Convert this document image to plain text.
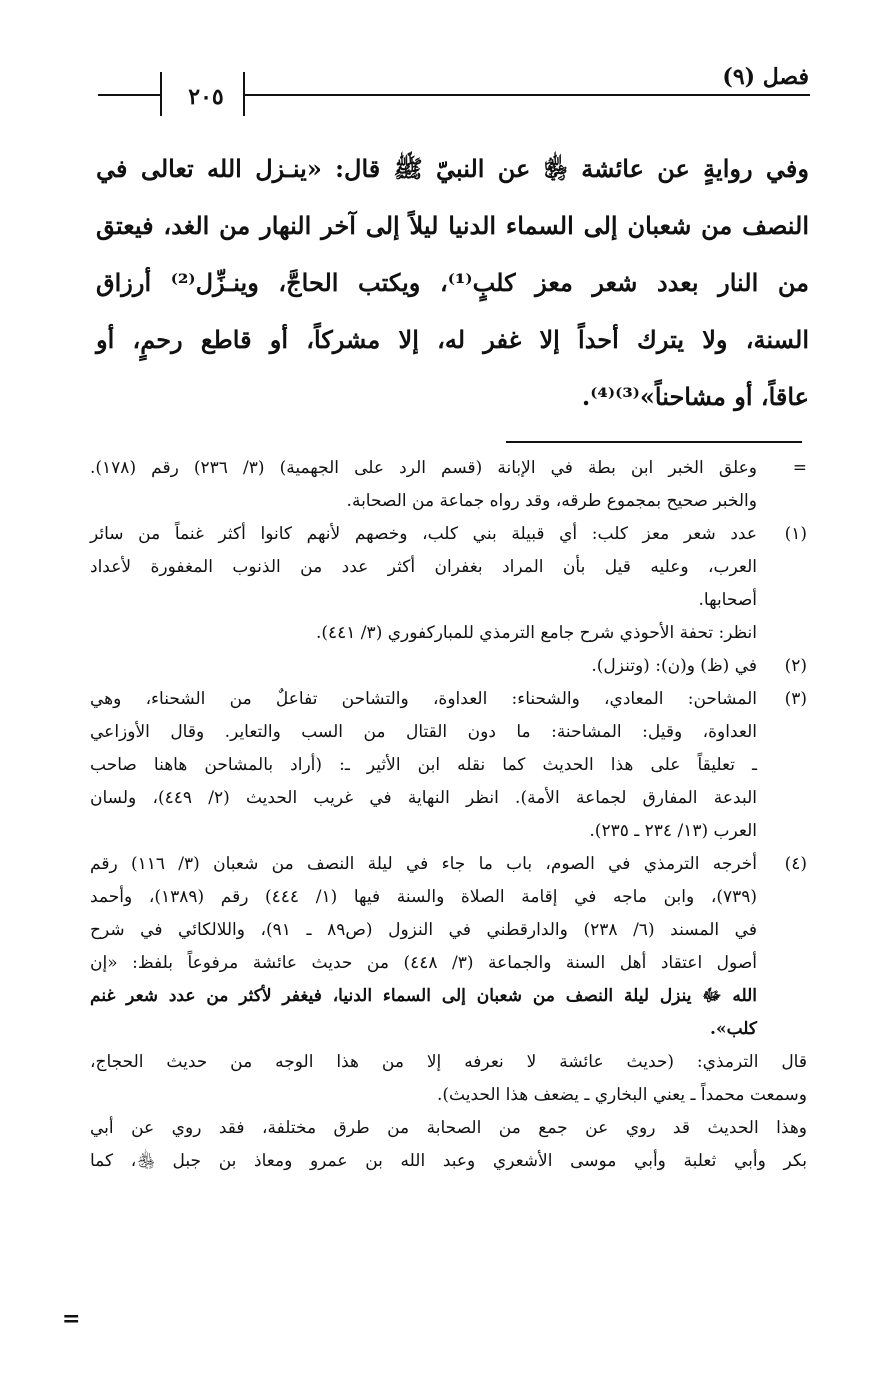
فصل (٩)
٢٠٥
وفي روايةٍ عن عائشة ﵂ عن النبيّ ﷺ قال: «ينـزل الله تعالى في
النصف من شعبان إلى السماء الدنيا ليلاً إلى آخر النهار من الغد، فيعتق
من النار بعدد شعر معز كلبٍ⁽¹⁾، ويكتب الحاجَّ، وينـزِّل⁽²⁾ أرزاق
السنة، ولا يترك أحداً إلا غفر له، إلا مشركاً، أو قاطع رحمٍ، أو
عاقاً، أو مشاحناً»⁽³⁾⁽⁴⁾.
=
وعلق الخبر ابن بطة في الإبانة (قسم الرد على الجهمية) (٣/ ٢٣٦) رقم (١٧٨).
والخبر صحيح بمجموع طرقه، وقد رواه جماعة من الصحابة.
(١)
عدد شعر معز كلب: أي قبيلة بني كلب، وخصهم لأنهم كانوا أكثر غنماً من سائر
العرب، وعليه قيل بأن المراد بغفران أكثر عدد من الذنوب المغفورة لأعداد
أصحابها.
انظر: تحفة الأحوذي شرح جامع الترمذي للمباركفوري (٣/ ٤٤١).
(٢)
في (ظ) و(ن): (وتنزل).
(٣)
المشاحن: المعادي، والشحناء: العداوة، والتشاحن تفاعلٌ من الشحناء، وهي
العداوة، وقيل: المشاحنة: ما دون القتال من السب والتعاير. وقال الأوزاعي
ـ تعليقاً على هذا الحديث كما نقله ابن الأثير ـ: (أراد بالمشاحن هاهنا صاحب
البدعة المفارق لجماعة الأمة). انظر النهاية في غريب الحديث (٢/ ٤٤٩)، ولسان
العرب (١٣/ ٢٣٤ ـ ٢٣٥).
(٤)
أخرجه الترمذي في الصوم، باب ما جاء في ليلة النصف من شعبان (٣/ ١١٦) رقم
(٧٣٩)، وابن ماجه في إقامة الصلاة والسنة فيها (١/ ٤٤٤) رقم (١٣٨٩)، وأحمد
في المسند (٦/ ٢٣٨) والدارقطني في النزول (ص٨٩ ـ ٩١)، واللالكائي في شرح
أصول اعتقاد أهل السنة والجماعة (٣/ ٤٤٨) من حديث عائشة مرفوعاً بلفظ: «إن
الله ﷻ ينزل ليلة النصف من شعبان إلى السماء الدنيا، فيغفر لأكثر من عدد شعر غنم
كلب».
قال الترمذي: (حديث عائشة لا نعرفه إلا من هذا الوجه من حديث الحجاج،
وسمعت محمداً ـ يعني البخاري ـ يضعف هذا الحديث).
وهذا الحديث قد روي عن جمع من الصحابة من طرق مختلفة، فقد روي عن أبي
بكر وأبي ثعلبة وأبي موسى الأشعري وعبد الله بن عمرو ومعاذ بن جبل ﵃، كما
=
